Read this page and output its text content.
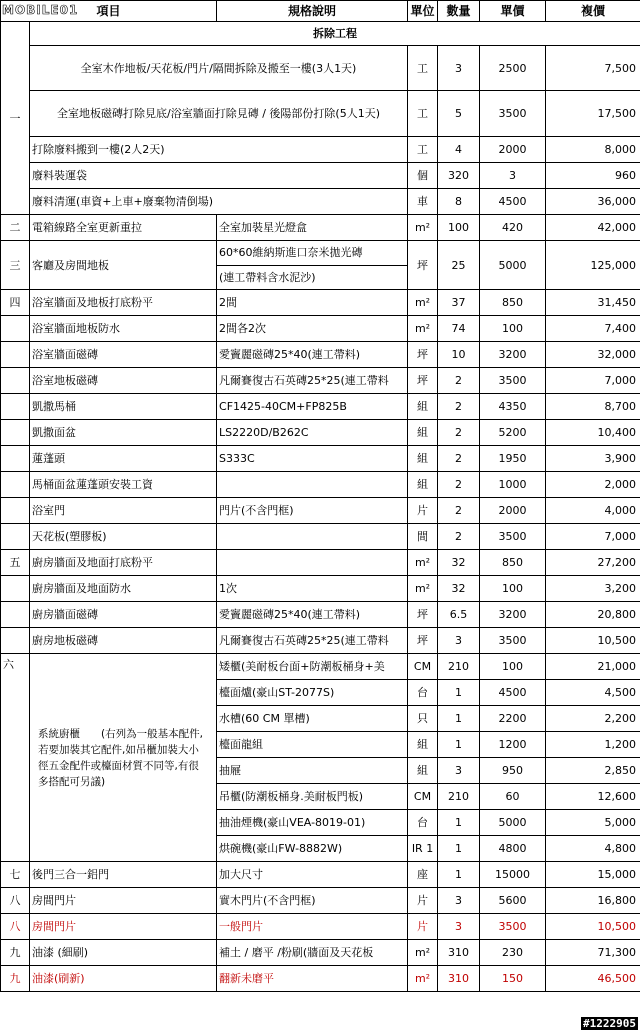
項目		規格說明	單位	數量	單價	複價
一	拆除工程					
	全室木作地板/天花板/門片/隔間拆除及搬至一樓(3人1天)		工	3	2500	7,500
	全室地板磁磚打除見底/浴室牆面打除見磚 / 後陽部份打除(5人1天)		工	5	3500	17,500
	打除廢料搬到一樓(2人2天)		工	4	2000	8,000
	廢料裝運袋		個	320	3	960
	廢料清運(車資+上車+廢棄物清倒場)		車	8	4500	36,000
二	電箱線路全室更新重拉	全室加裝星光燈盒	m²	100	420	42,000
三	客廳及房間地板	60*60維納斯進口奈米拋光磚
(連工帶料含水泥沙)	坪	25	5000	125,000
四	浴室牆面及地板打底粉平	2間	m²	37	850	31,450
	浴室牆面地板防水	2間各2次	m²	74	100	7,400
	浴室牆面磁磚	愛竇麗磁磚25*40(連工帶料)	坪	10	3200	32,000
	浴室地板磁磚	凡爾賽復古石英磚25*25(連工帶料	坪	2	3500	7,000
	凱撒馬桶	CF1425-40CM+FP825B	組	2	4350	8,700
	凱撒面盆	LS2220D/B262C	組	2	5200	10,400
	蓮蓬頭	S333C	組	2	1950	3,900
	馬桶面盆蓮蓬頭安裝工資		組	2	1000	2,000
	浴室門	門片(不含門框)	片	2	2000	4,000
	天花板(塑膠板)		間	2	3500	7,000
五	廚房牆面及地面打底粉平		m²	32	850	27,200
	廚房牆面及地面防水	1次	m²	32	100	3,200
	廚房牆面磁磚	愛竇麗磁磚25*40(連工帶料)	坪	6.5	3200	20,800
	廚房地板磁磚	凡爾賽復古石英磚25*25(連工帶料	坪	3	3500	10,500
六	系統廚櫃　　(右列為一般基本配件,若要加裝其它配件,如吊櫃加裝大小徑五金配件或檯面材質不同等,有很多搭配可另議)	矮櫃(美耐板台面+防潮板桶身+美	CM	210	100	21,000
		檯面爐(豪山ST-2077S)	台	1	4500	4,500
		水槽(60 CM 單槽)	只	1	2200	2,200
		檯面龍組	組	1	1200	1,200
		抽屜	組	3	950	2,850
		吊櫃(防潮板桶身.美耐板門板)	CM	210	60	12,600
		抽油煙機(豪山VEA-8019-01)	台	1	5000	5,000
		烘碗機(豪山FW-8882W)	IR 1	1	4800	4,800
七	後門三合一鋁門	加大尺寸	座	1	15000	15,000
八	房間門片	實木門片(不含門框)	片	3	5600	16,800
八	房間門片	一般門片	片	3	3500	10,500
九	油漆 (細刷)	補土 / 磨平 /粉刷(牆面及天花板	m²	310	230	71,300
九	油漆(刷新)	翻新未磨平	m²	310	150	46,500
MOBILE01
#1222905
